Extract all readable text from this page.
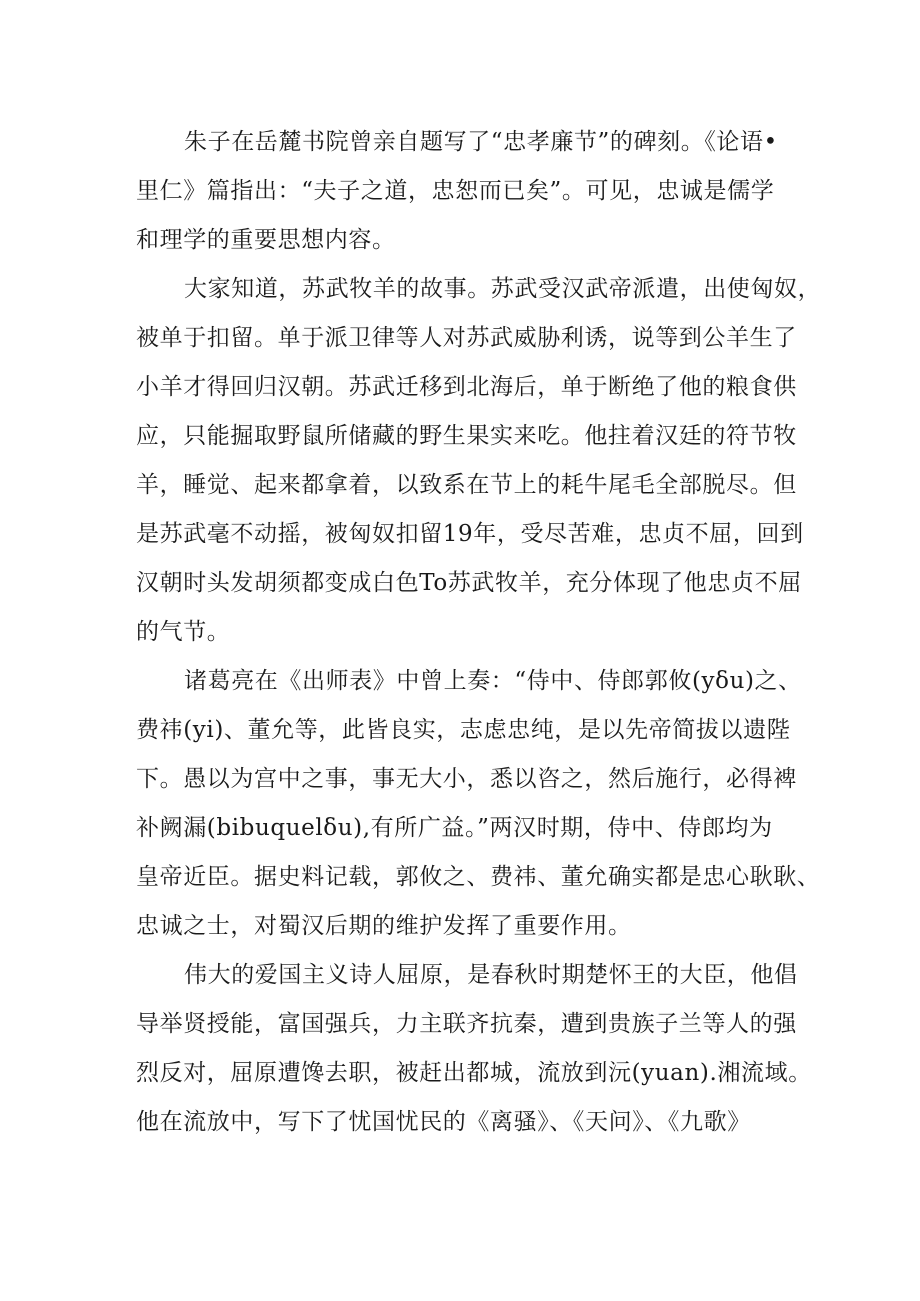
朱子在岳麓书院曾亲自题写了“忠孝廉节”的碑刻。《论语•
里仁》篇指出：“夫子之道，忠恕而已矣”。可见，忠诚是儒学
和理学的重要思想内容。
大家知道，苏武牧羊的故事。苏武受汉武帝派遣，出使匈奴，
被单于扣留。单于派卫律等人对苏武威胁利诱，说等到公羊生了
小羊才得回归汉朝。苏武迁移到北海后，单于断绝了他的粮食供
应，只能掘取野鼠所储藏的野生果实来吃。他拄着汉廷的符节牧
羊，睡觉、起来都拿着，以致系在节上的耗牛尾毛全部脱尽。但
是苏武毫不动摇，被匈奴扣留19年，受尽苦难，忠贞不屈，回到
汉朝时头发胡须都变成白色To苏武牧羊，充分体现了他忠贞不屈
的气节。
诸葛亮在《出师表》中曾上奏：“侍中、侍郎郭攸(yδu)之、
费祎(yi)、董允等，此皆良实，志虑忠纯，是以先帝简拔以遗陛
下。愚以为宫中之事，事无大小，悉以咨之，然后施行，必得裨
补阙漏(bibuquelδu),有所广益。”两汉时期，侍中、侍郎均为
皇帝近臣。据史料记载，郭攸之、费祎、董允确实都是忠心耿耿、
忠诚之士，对蜀汉后期的维护发挥了重要作用。
伟大的爱国主义诗人屈原，是春秋时期楚怀王的大臣，他倡
导举贤授能，富国强兵，力主联齐抗秦，遭到贵族子兰等人的强
烈反对，屈原遭馋去职，被赶出都城，流放到沅(yuan).湘流域。
他在流放中，写下了忧国忧民的《离骚》、《天问》、《九歌》
